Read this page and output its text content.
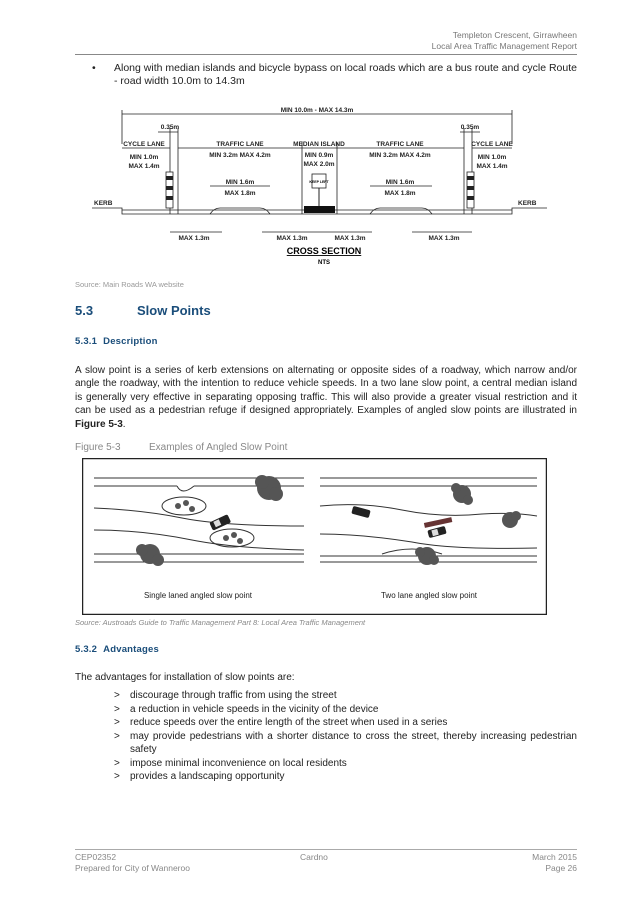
Templeton Crescent, Girrawheen
Local Area Traffic Management Report
•	Along with median islands and bicycle bypass on local roads which are a bus route and cycle Route - road width 10.0m to 14.3m
KEEP LEFT
MIN 10.0m - MAX 14.3m
0.35m	0.35m
CYCLE LANE
MIN 1.0m
MAX 1.4m
TRAFFIC LANE
MIN 3.2m MAX 4.2m
MEDIAN ISLAND
MIN 0.9m
MAX 2.0m
TRAFFIC LANE
MIN 3.2m MAX 4.2m
CYCLE LANE
MIN 1.0m
MAX 1.4m
MIN 1.6m
MAX 1.8m
MIN 1.6m
MAX 1.8m
KERB	KERB
MAX 1.3m	MAX 1.3m	MAX 1.3m	MAX 1.3m
CROSS SECTION
NTS
Source: Main Roads WA website
5.3	Slow Points
5.3.1 Description
A slow point is a series of kerb extensions on alternating or opposite sides of a roadway, which narrow and/or angle the roadway, with the intention to reduce vehicle speeds. In a two lane slow point, a central median island is generally very effective in separating opposing traffic. This will also provide a greater visual restriction and it can be used as a pedestrian refuge if designed appropriately. Examples of angled slow points are illustrated in Figure 5-3.
Figure 5-3	Examples of Angled Slow Point
Single laned angled slow point	Two lane angled slow point
Source: Austroads Guide to Traffic Management Part 8: Local Area Traffic Management
5.3.2 Advantages
The advantages for installation of slow points are:
>	discourage through traffic from using the street
>	a reduction in vehicle speeds in the vicinity of the device
>	reduce speeds over the entire length of the street when used in a series
>	may provide pedestrians with a shorter distance to cross the street, thereby increasing pedestrian safety
>	impose minimal inconvenience on local residents
>	provides a landscaping opportunity
CEP02352
Prepared for City of Wanneroo
Cardno	March 2015
Page 26
